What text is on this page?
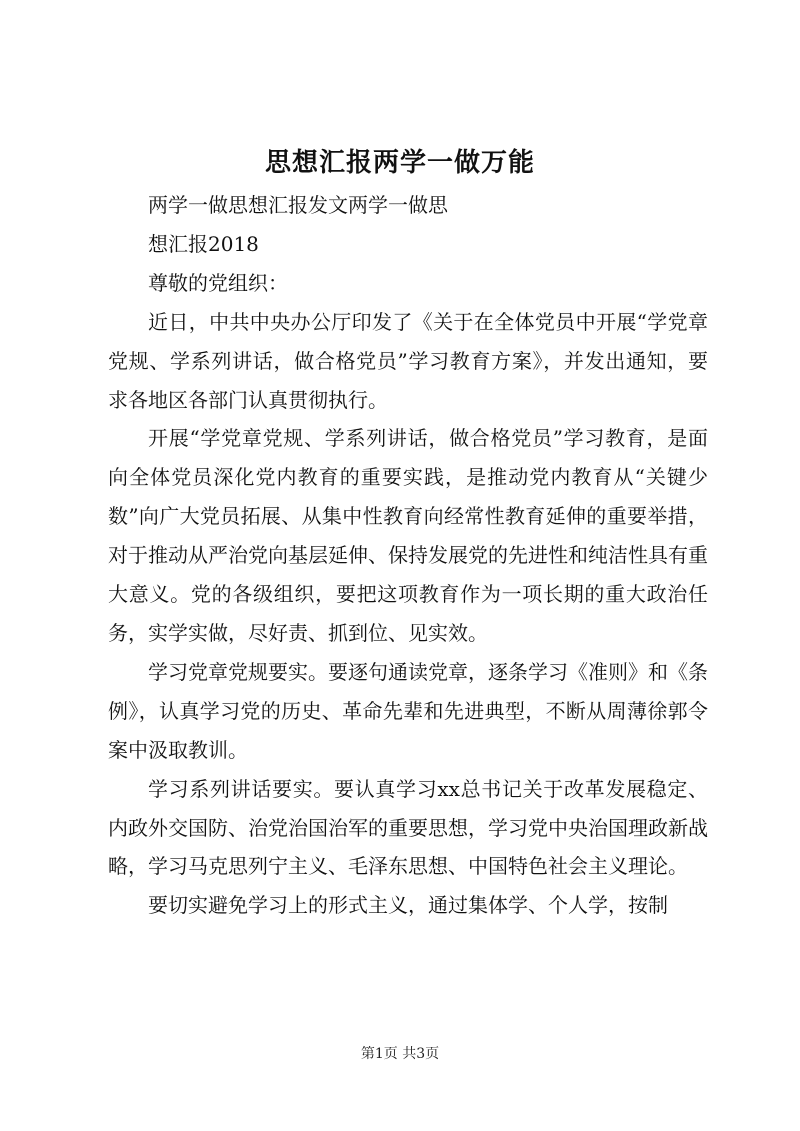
思想汇报两学一做万能

两学一做思想汇报发文两学一做思

想汇报2018

尊敬的党组织：

近日，中共中央办公厅印发了《关于在全体党员中开展“学党章党规、学系列讲话，做合格党员”学习教育方案》，并发出通知，要求各地区各部门认真贯彻执行。

开展“学党章党规、学系列讲话，做合格党员”学习教育，是面向全体党员深化党内教育的重要实践，是推动党内教育从“关键少数”向广大党员拓展、从集中性教育向经常性教育延伸的重要举措，对于推动从严治党向基层延伸、保持发展党的先进性和纯洁性具有重大意义。党的各级组织，要把这项教育作为一项长期的重大政治任务，实学实做，尽好责、抓到位、见实效。

学习党章党规要实。要逐句通读党章，逐条学习《准则》和《条例》，认真学习党的历史、革命先辈和先进典型，不断从周薄徐郭令案中汲取教训。

学习系列讲话要实。要认真学习xx总书记关于改革发展稳定、内政外交国防、治党治国治军的重要思想，学习党中央治国理政新战略，学习马克思列宁主义、毛泽东思想、中国特色社会主义理论。

要切实避免学习上的形式主义，通过集体学、个人学，按制

第1页 共3页
